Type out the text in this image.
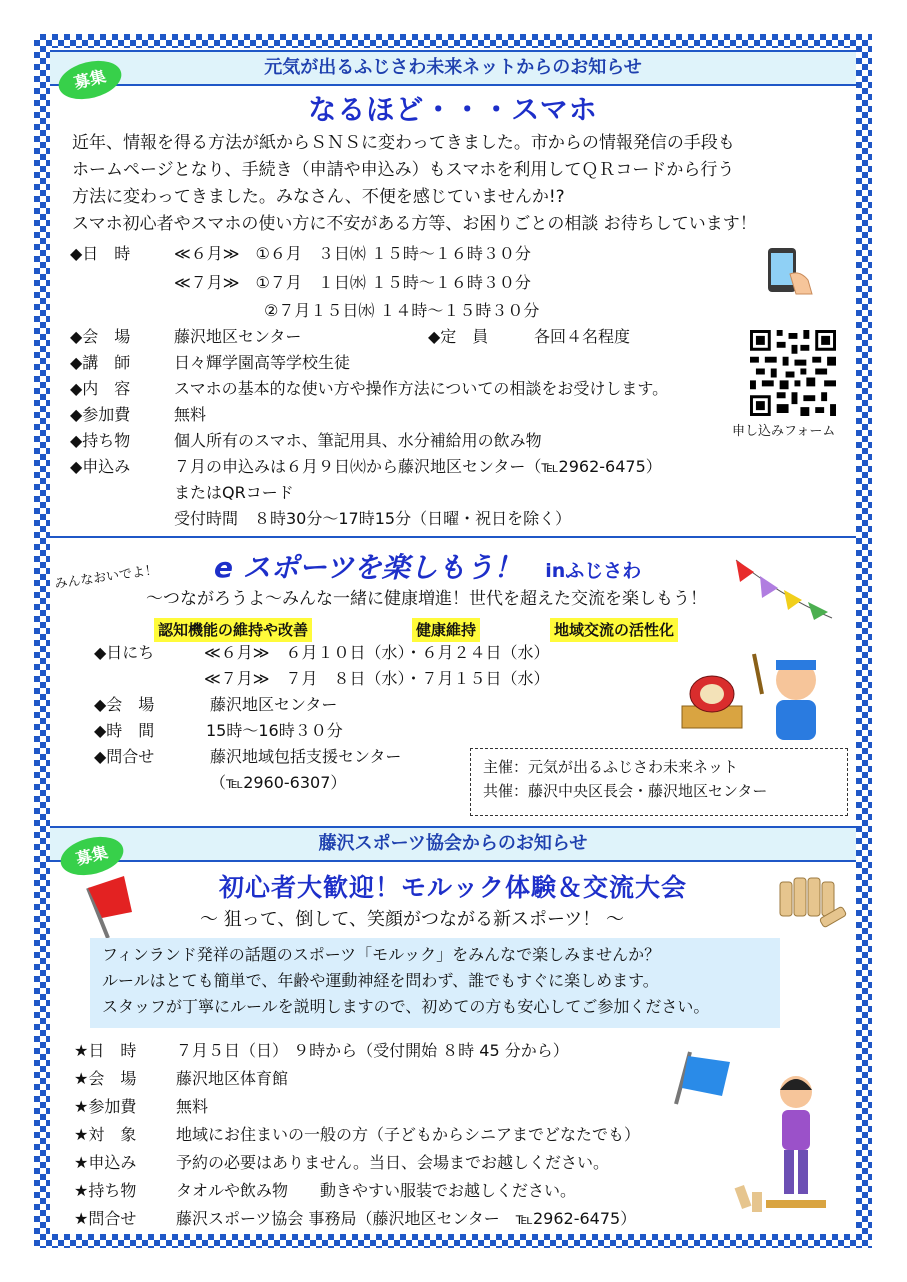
元気が出るふじさわ未来ネットからのお知らせ
募集
なるほど・・・スマホ
近年、情報を得る方法が紙からＳＮＳに変わってきました。市からの情報発信の手段も
ホームページとなり、手続き（申請や申込み）もスマホを利用してＱＲコードから行う
方法に変わってきました。みなさん、不便を感じていませんか!?
スマホ初心者やスマホの使い方に不安がある方等、お困りごとの相談 お待ちしています！
◆日　時	≪６月≫　①６月　３日㈬ １５時～１６時３０分
≪７月≫　①７月　１日㈬ １５時～１６時３０分
②７月１５日㈬ １４時～１５時３０分
◆会　場	藤沢地区センター	◆定　員	各回４名程度
◆講　師	日々輝学園高等学校生徒
◆内　容	スマホの基本的な使い方や操作方法についての相談をお受けします。
◆参加費	無料
◆持ち物	個人所有のスマホ、筆記用具、水分補給用の飲み物
◆申込み	７月の申込みは６月９日㈫から藤沢地区センター（℡2962-6475）
またはQRコード
受付時間　８時30分～17時15分（日曜・祝日を除く）
申し込みフォーム
みんなおいでよ！ e スポーツを楽しもう！ inふじさわ
～つながろうよ～みんな一緒に健康増進！世代を超えた交流を楽しもう！
認知機能の維持や改善	健康維持	地域交流の活性化
◆日にち	≪６月≫　６月１０日（水）・６月２４日（水）
≪７月≫　７月　８日（水）・７月１５日（水）
◆会　場	藤沢地区センター
◆時　間	15時～16時３０分
◆問合せ	藤沢地域包括支援センター
（℡2960-6307）
主催：元気が出るふじさわ未来ネット
共催：藤沢中央区長会・藤沢地区センター
藤沢スポーツ協会からのお知らせ
募集
初心者大歓迎！モルック体験＆交流大会
～ 狙って、倒して、笑顔がつながる新スポーツ！ ～
フィンランド発祥の話題のスポーツ「モルック」をみんなで楽しみませんか？
ルールはとても簡単で、年齢や運動神経を問わず、誰でもすぐに楽しめます。
スタッフが丁寧にルールを説明しますので、初めての方も安心してご参加ください。
★日　時 ７月５日（日） ９時から（受付開始 ８時 45 分から）
★会　場 藤沢地区体育館
★参加費 無料
★対　象 地域にお住まいの一般の方（子どもからシニアまでどなたでも）
★申込み 予約の必要はありません。当日、会場までお越しください。
★持ち物 タオルや飲み物　　動きやすい服装でお越しください。
★問合せ 藤沢スポーツ協会 事務局（藤沢地区センター　℡2962-6475）
